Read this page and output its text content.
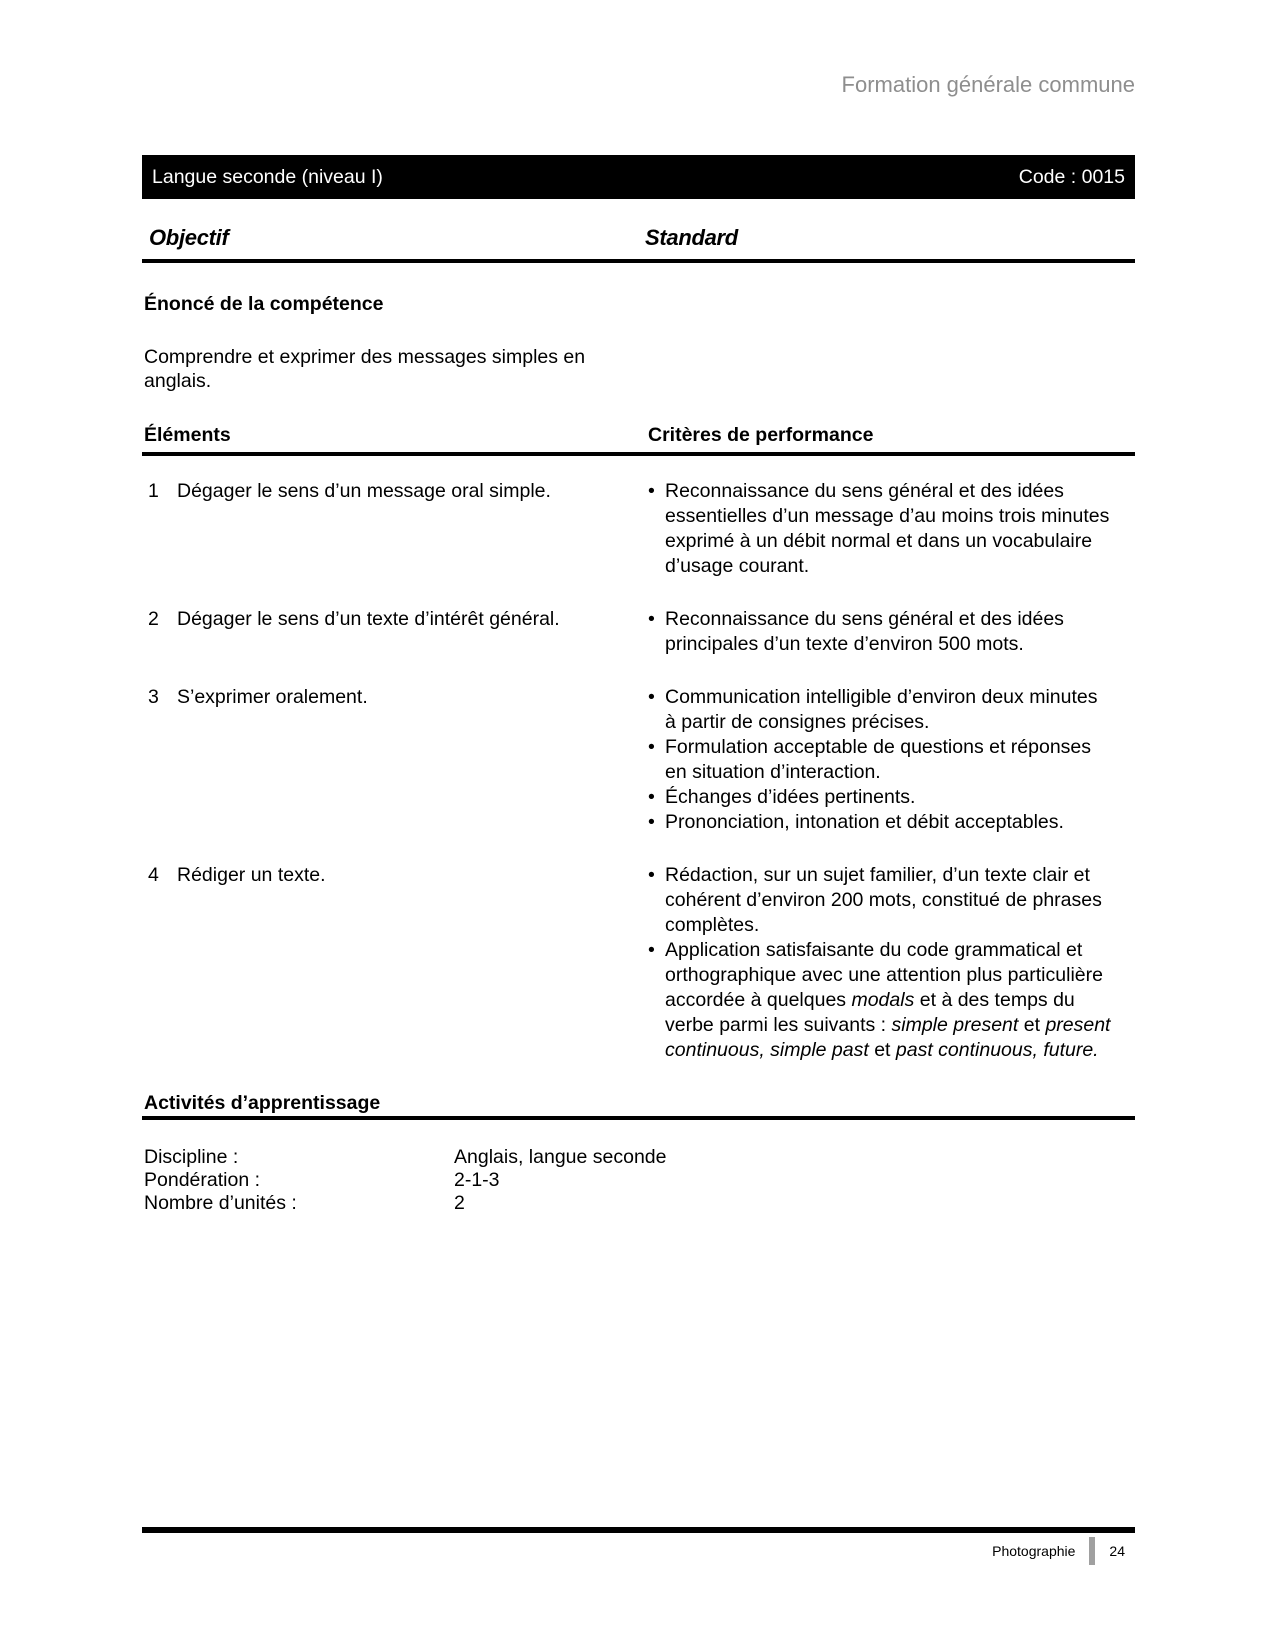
Formation générale commune
Langue seconde (niveau I)	Code : 0015
Objectif	Standard
Énoncé de la compétence
Comprendre et exprimer des messages simples en anglais.
Éléments	Critères de performance
1 Dégager le sens d’un message oral simple.	• Reconnaissance du sens général et des idées essentielles d’un message d’au moins trois minutes exprimé à un débit normal et dans un vocabulaire d’usage courant.
2 Dégager le sens d’un texte d’intérêt général.	• Reconnaissance du sens général et des idées principales d’un texte d’environ 500 mots.
3 S’exprimer oralement.	• Communication intelligible d’environ deux minutes à partir de consignes précises.
• Formulation acceptable de questions et réponses en situation d’interaction.
• Échanges d’idées pertinents.
• Prononciation, intonation et débit acceptables.
4 Rédiger un texte.	• Rédaction, sur un sujet familier, d’un texte clair et cohérent d’environ 200 mots, constitué de phrases complètes.
• Application satisfaisante du code grammatical et orthographique avec une attention plus particulière accordée à quelques modals et à des temps du verbe parmi les suivants : simple present et present continuous, simple past et past continuous, future.
Activités d’apprentissage
Discipline :	Anglais, langue seconde
Pondération :	2-1-3
Nombre d’unités :	2
Photographie 24
